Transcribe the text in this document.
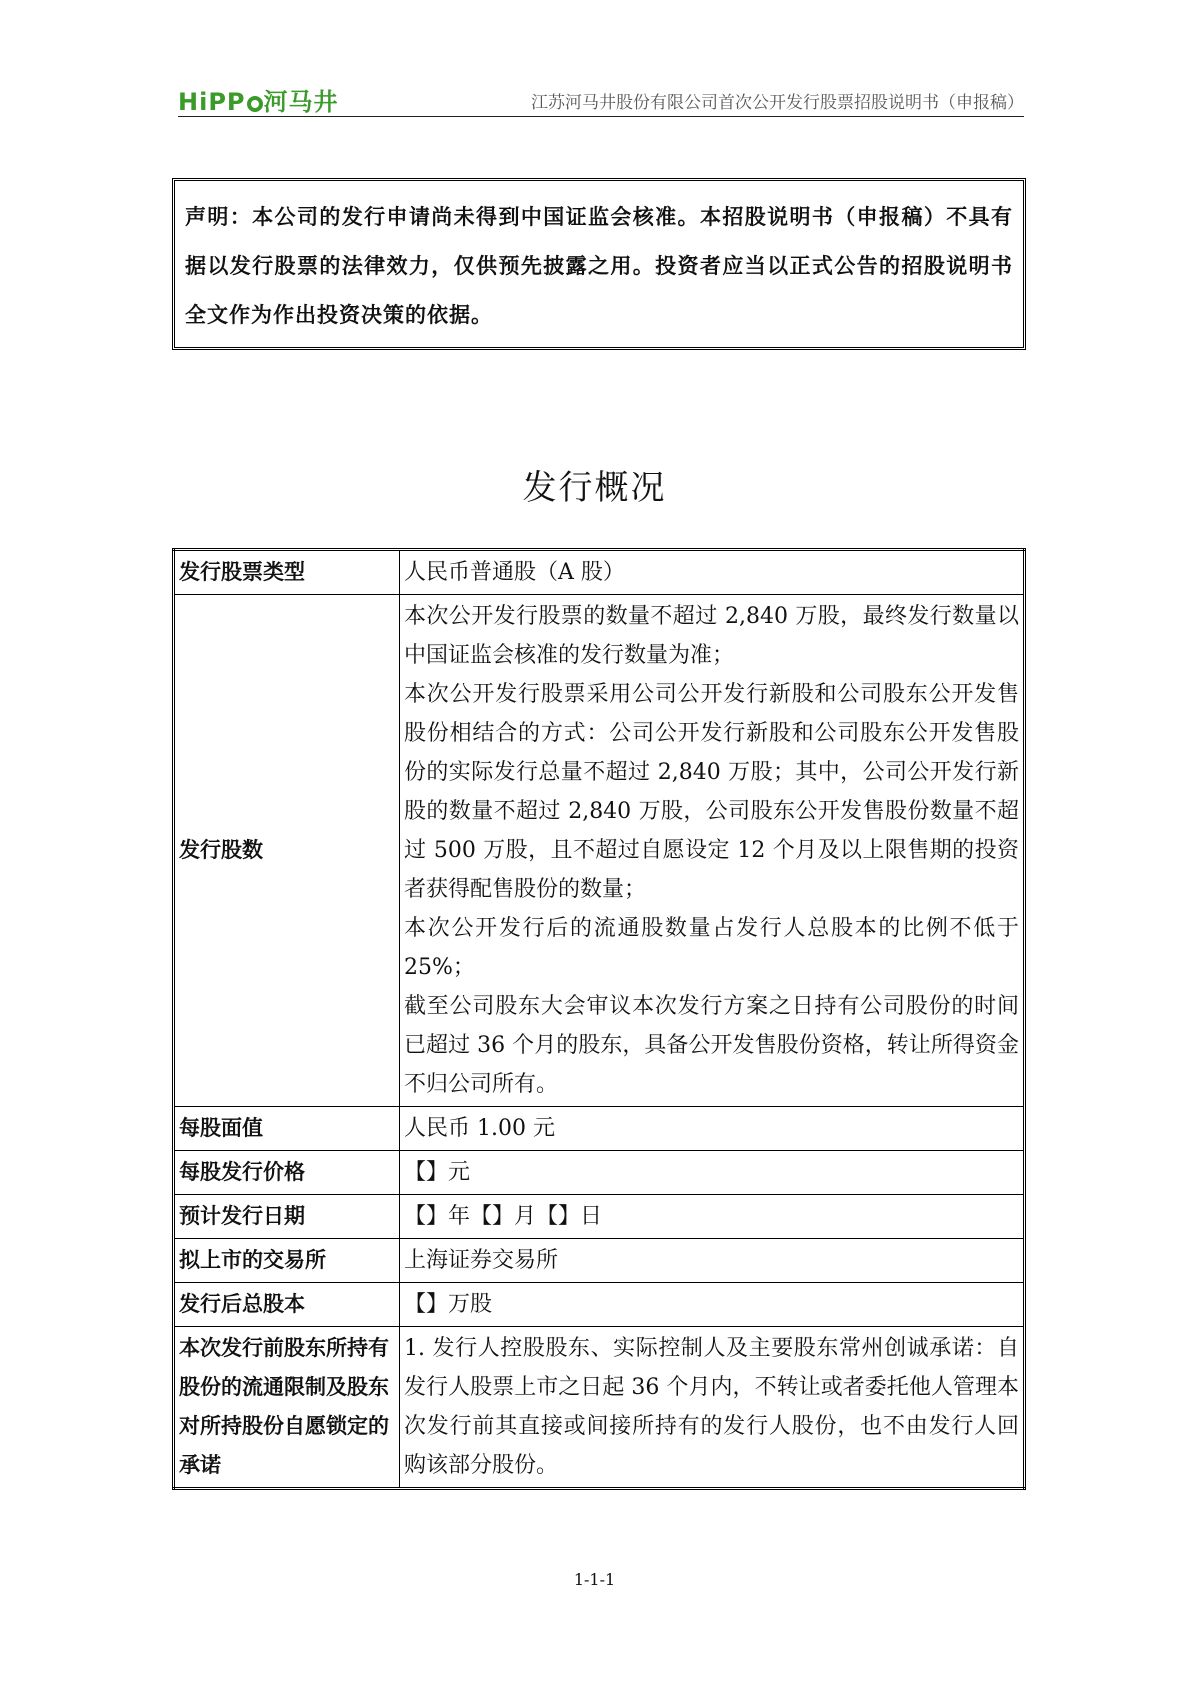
HiPP 河马井	江苏河马井股份有限公司首次公开发行股票招股说明书（申报稿）
声明：本公司的发行申请尚未得到中国证监会核准。本招股说明书（申报稿）不具有据以发行股票的法律效力，仅供预先披露之用。投资者应当以正式公告的招股说明书全文作为作出投资决策的依据。
发行概况
发行股票类型	人民币普通股（A 股）

发行股数	本次公开发行股票的数量不超过 2,840 万股，最终发行数量以中国证监会核准的发行数量为准；
本次公开发行股票采用公司公开发行新股和公司股东公开发售股份相结合的方式：公司公开发行新股和公司股东公开发售股份的实际发行总量不超过 2,840 万股；其中，公司公开发行新股的数量不超过 2,840 万股，公司股东公开发售股份数量不超过 500 万股，且不超过自愿设定 12 个月及以上限售期的投资者获得配售股份的数量；
本次公开发行后的流通股数量占发行人总股本的比例不低于 25%；
截至公司股东大会审议本次发行方案之日持有公司股份的时间已超过 36 个月的股东，具备公开发售股份资格，转让所得资金不归公司所有。

每股面值	人民币 1.00 元

每股发行价格	【】元

预计发行日期	【】年【】月【】日

拟上市的交易所	上海证券交易所

发行后总股本	【】万股

本次发行前股东所持有股份的流通限制及股东对所持股份自愿锁定的承诺	1. 发行人控股股东、实际控制人及主要股东常州创诚承诺：自发行人股票上市之日起 36 个月内，不转让或者委托他人管理本次发行前其直接或间接所持有的发行人股份，也不由发行人回购该部分股份。
1-1-1
